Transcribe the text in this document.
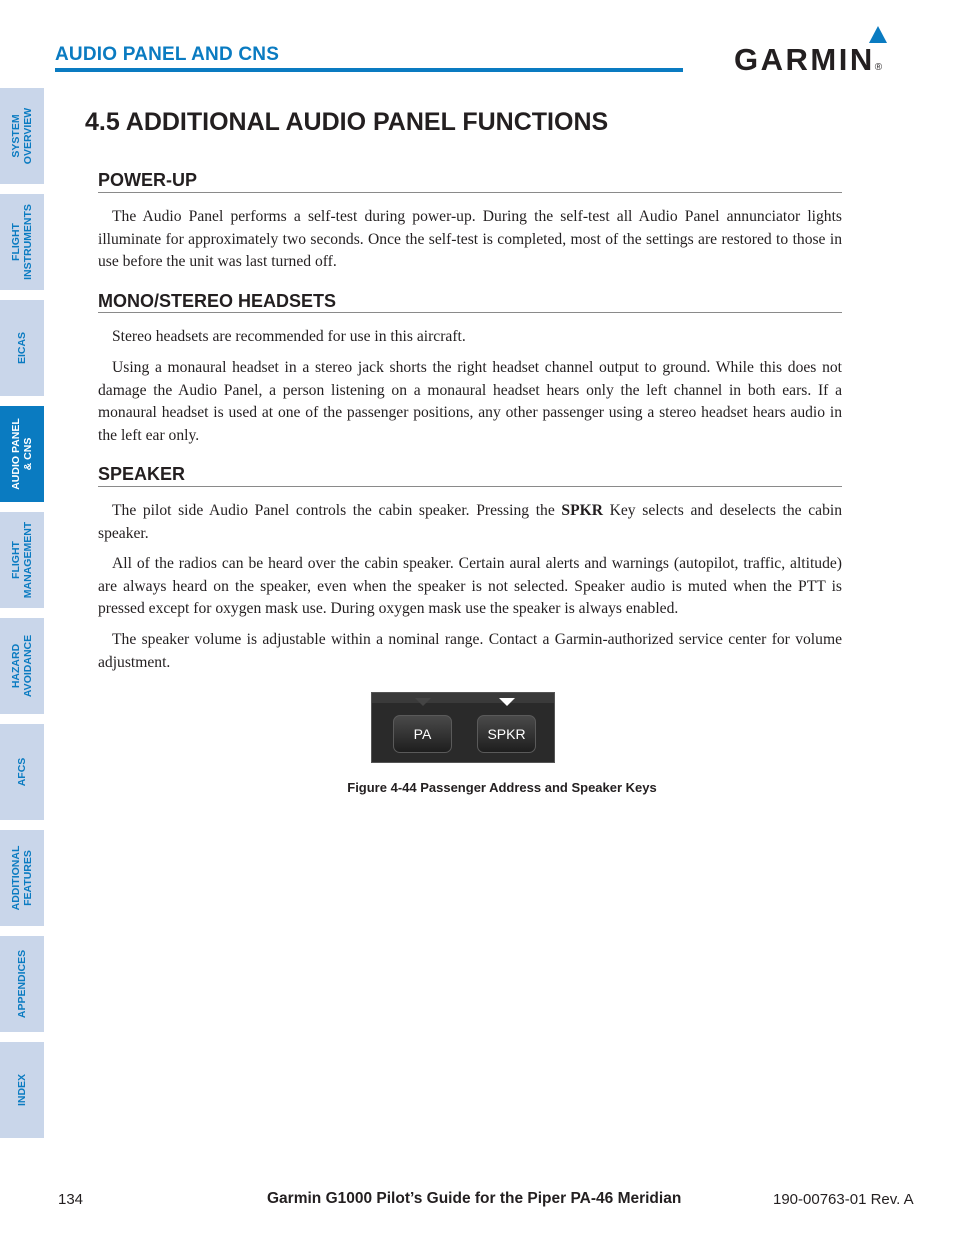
AUDIO PANEL AND CNS	GARMIN®
SYSTEM
OVERVIEW
FLIGHT
INSTRUMENTS
EICAS
AUDIO PANEL
& CNS
FLIGHT
MANAGEMENT
HAZARD
AVOIDANCE
AFCS
ADDITIONAL
FEATURES
APPENDICES
INDEX
4.5 ADDITIONAL AUDIO PANEL FUNCTIONS
POWER-UP
The Audio Panel performs a self-test during power-up. During the self-test all Audio Panel annunciator lights illuminate for approximately two seconds. Once the self-test is completed, most of the settings are restored to those in use before the unit was last turned off.
MONO/STEREO HEADSETS
Stereo headsets are recommended for use in this aircraft.
Using a monaural headset in a stereo jack shorts the right headset channel output to ground. While this does not damage the Audio Panel, a person listening on a monaural headset hears only the left channel in both ears. If a monaural headset is used at one of the passenger positions, any other passenger using a stereo headset hears audio in the left ear only.
SPEAKER
The pilot side Audio Panel controls the cabin speaker. Pressing the SPKR Key selects and deselects the cabin speaker.
All of the radios can be heard over the cabin speaker. Certain aural alerts and warnings (autopilot, traffic, altitude) are always heard on the speaker, even when the speaker is not selected. Speaker audio is muted when the PTT is pressed except for oxygen mask use. During oxygen mask use the speaker is always enabled.
The speaker volume is adjustable within a nominal range. Contact a Garmin-authorized service center for volume adjustment.
PA	SPKR
Figure 4-44 Passenger Address and Speaker Keys
134	Garmin G1000 Pilot’s Guide for the Piper PA-46 Meridian	190-00763-01 Rev. A
